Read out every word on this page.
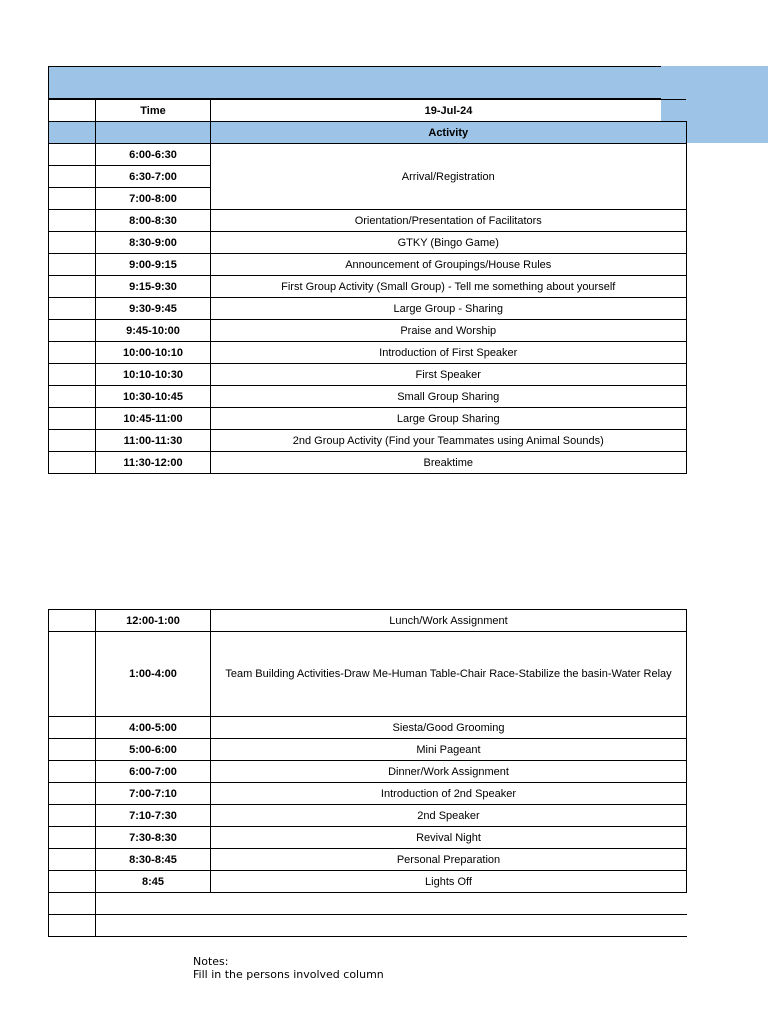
	Time	19-Jul-24
		Activity
	6:00-6:30	Arrival/Registration
	6:30-7:00	
	7:00-8:00	
	8:00-8:30	Orientation/Presentation of Facilitators
	8:30-9:00	GTKY (Bingo Game)
	9:00-9:15	Announcement of Groupings/House Rules
	9:15-9:30	First Group Activity (Small Group) - Tell me something about yourself
	9:30-9:45	Large Group - Sharing
	9:45-10:00	Praise and Worship
	10:00-10:10	Introduction of First Speaker
	10:10-10:30	First Speaker
	10:30-10:45	Small Group Sharing
	10:45-11:00	Large Group Sharing
	11:00-11:30	2nd Group Activity (Find your Teammates using Animal Sounds)
	11:30-12:00	Breaktime
	12:00-1:00	Lunch/Work Assignment
	1:00-4:00	Team Building Activities-Draw Me-Human Table-Chair Race-Stabilize the basin-Water Relay
	4:00-5:00	Siesta/Good Grooming
	5:00-6:00	Mini Pageant
	6:00-7:00	Dinner/Work Assignment
	7:00-7:10	Introduction of 2nd Speaker
	7:10-7:30	2nd Speaker
	7:30-8:30	Revival Night
	8:30-8:45	Personal Preparation
	8:45	Lights Off

Notes:
Fill in the persons involved column
